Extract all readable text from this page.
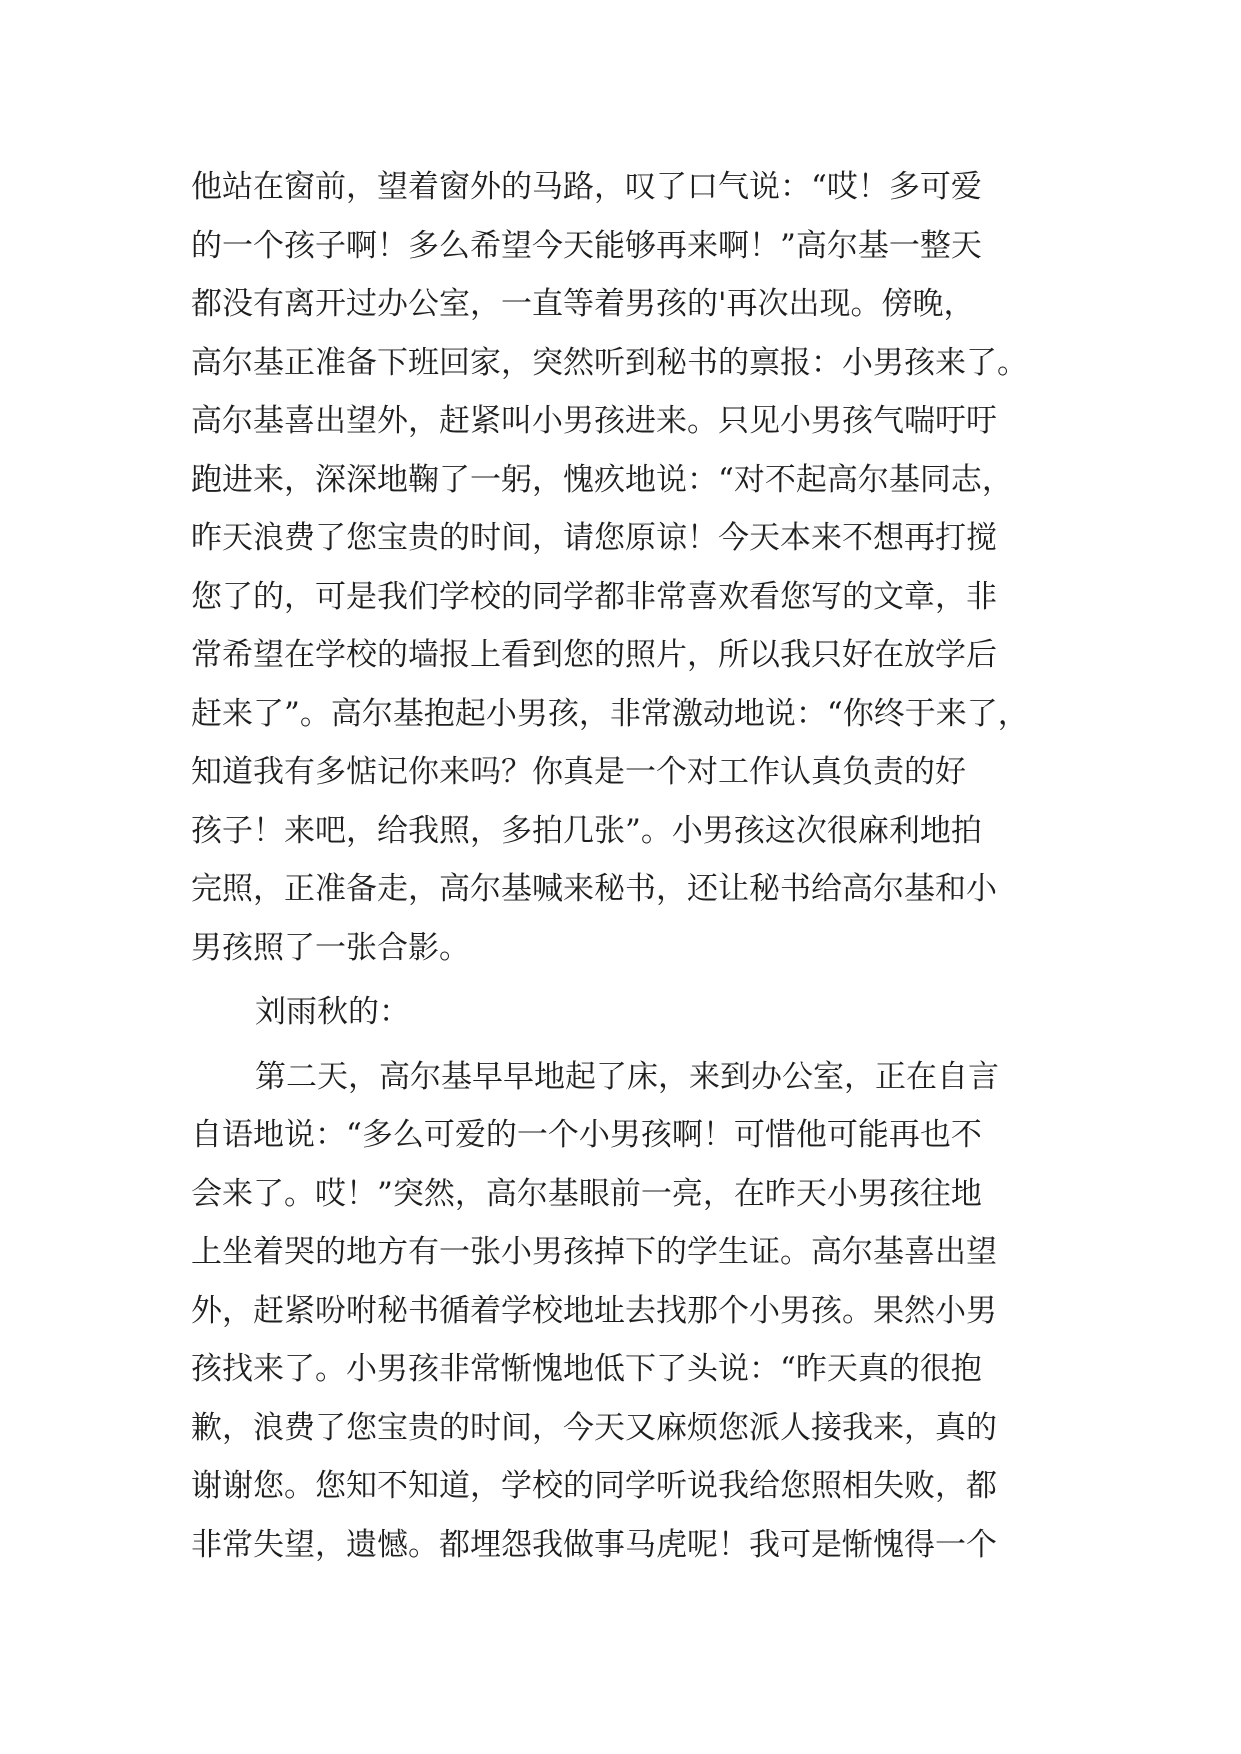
他站在窗前，望着窗外的马路，叹了口气说：“哎！多可爱
的一个孩子啊！多么希望今天能够再来啊！”高尔基一整天
都没有离开过办公室，一直等着男孩的'再次出现。傍晚，
高尔基正准备下班回家，突然听到秘书的禀报：小男孩来了。
高尔基喜出望外，赶紧叫小男孩进来。只见小男孩气喘吁吁
跑进来，深深地鞠了一躬，愧疚地说：“对不起高尔基同志，
昨天浪费了您宝贵的时间，请您原谅！今天本来不想再打搅
您了的，可是我们学校的同学都非常喜欢看您写的文章，非
常希望在学校的墙报上看到您的照片，所以我只好在放学后
赶来了”。高尔基抱起小男孩，非常激动地说：“你终于来了，
知道我有多惦记你来吗？你真是一个对工作认真负责的好
孩子！来吧，给我照，多拍几张”。小男孩这次很麻利地拍
完照，正准备走，高尔基喊来秘书，还让秘书给高尔基和小
男孩照了一张合影。
刘雨秋的：
第二天，高尔基早早地起了床，来到办公室，正在自言
自语地说：“多么可爱的一个小男孩啊！可惜他可能再也不
会来了。哎！”突然，高尔基眼前一亮，在昨天小男孩往地
上坐着哭的地方有一张小男孩掉下的学生证。高尔基喜出望
外，赶紧吩咐秘书循着学校地址去找那个小男孩。果然小男
孩找来了。小男孩非常惭愧地低下了头说：“昨天真的很抱
歉，浪费了您宝贵的时间，今天又麻烦您派人接我来，真的
谢谢您。您知不知道，学校的同学听说我给您照相失败，都
非常失望，遗憾。都埋怨我做事马虎呢！我可是惭愧得一个
